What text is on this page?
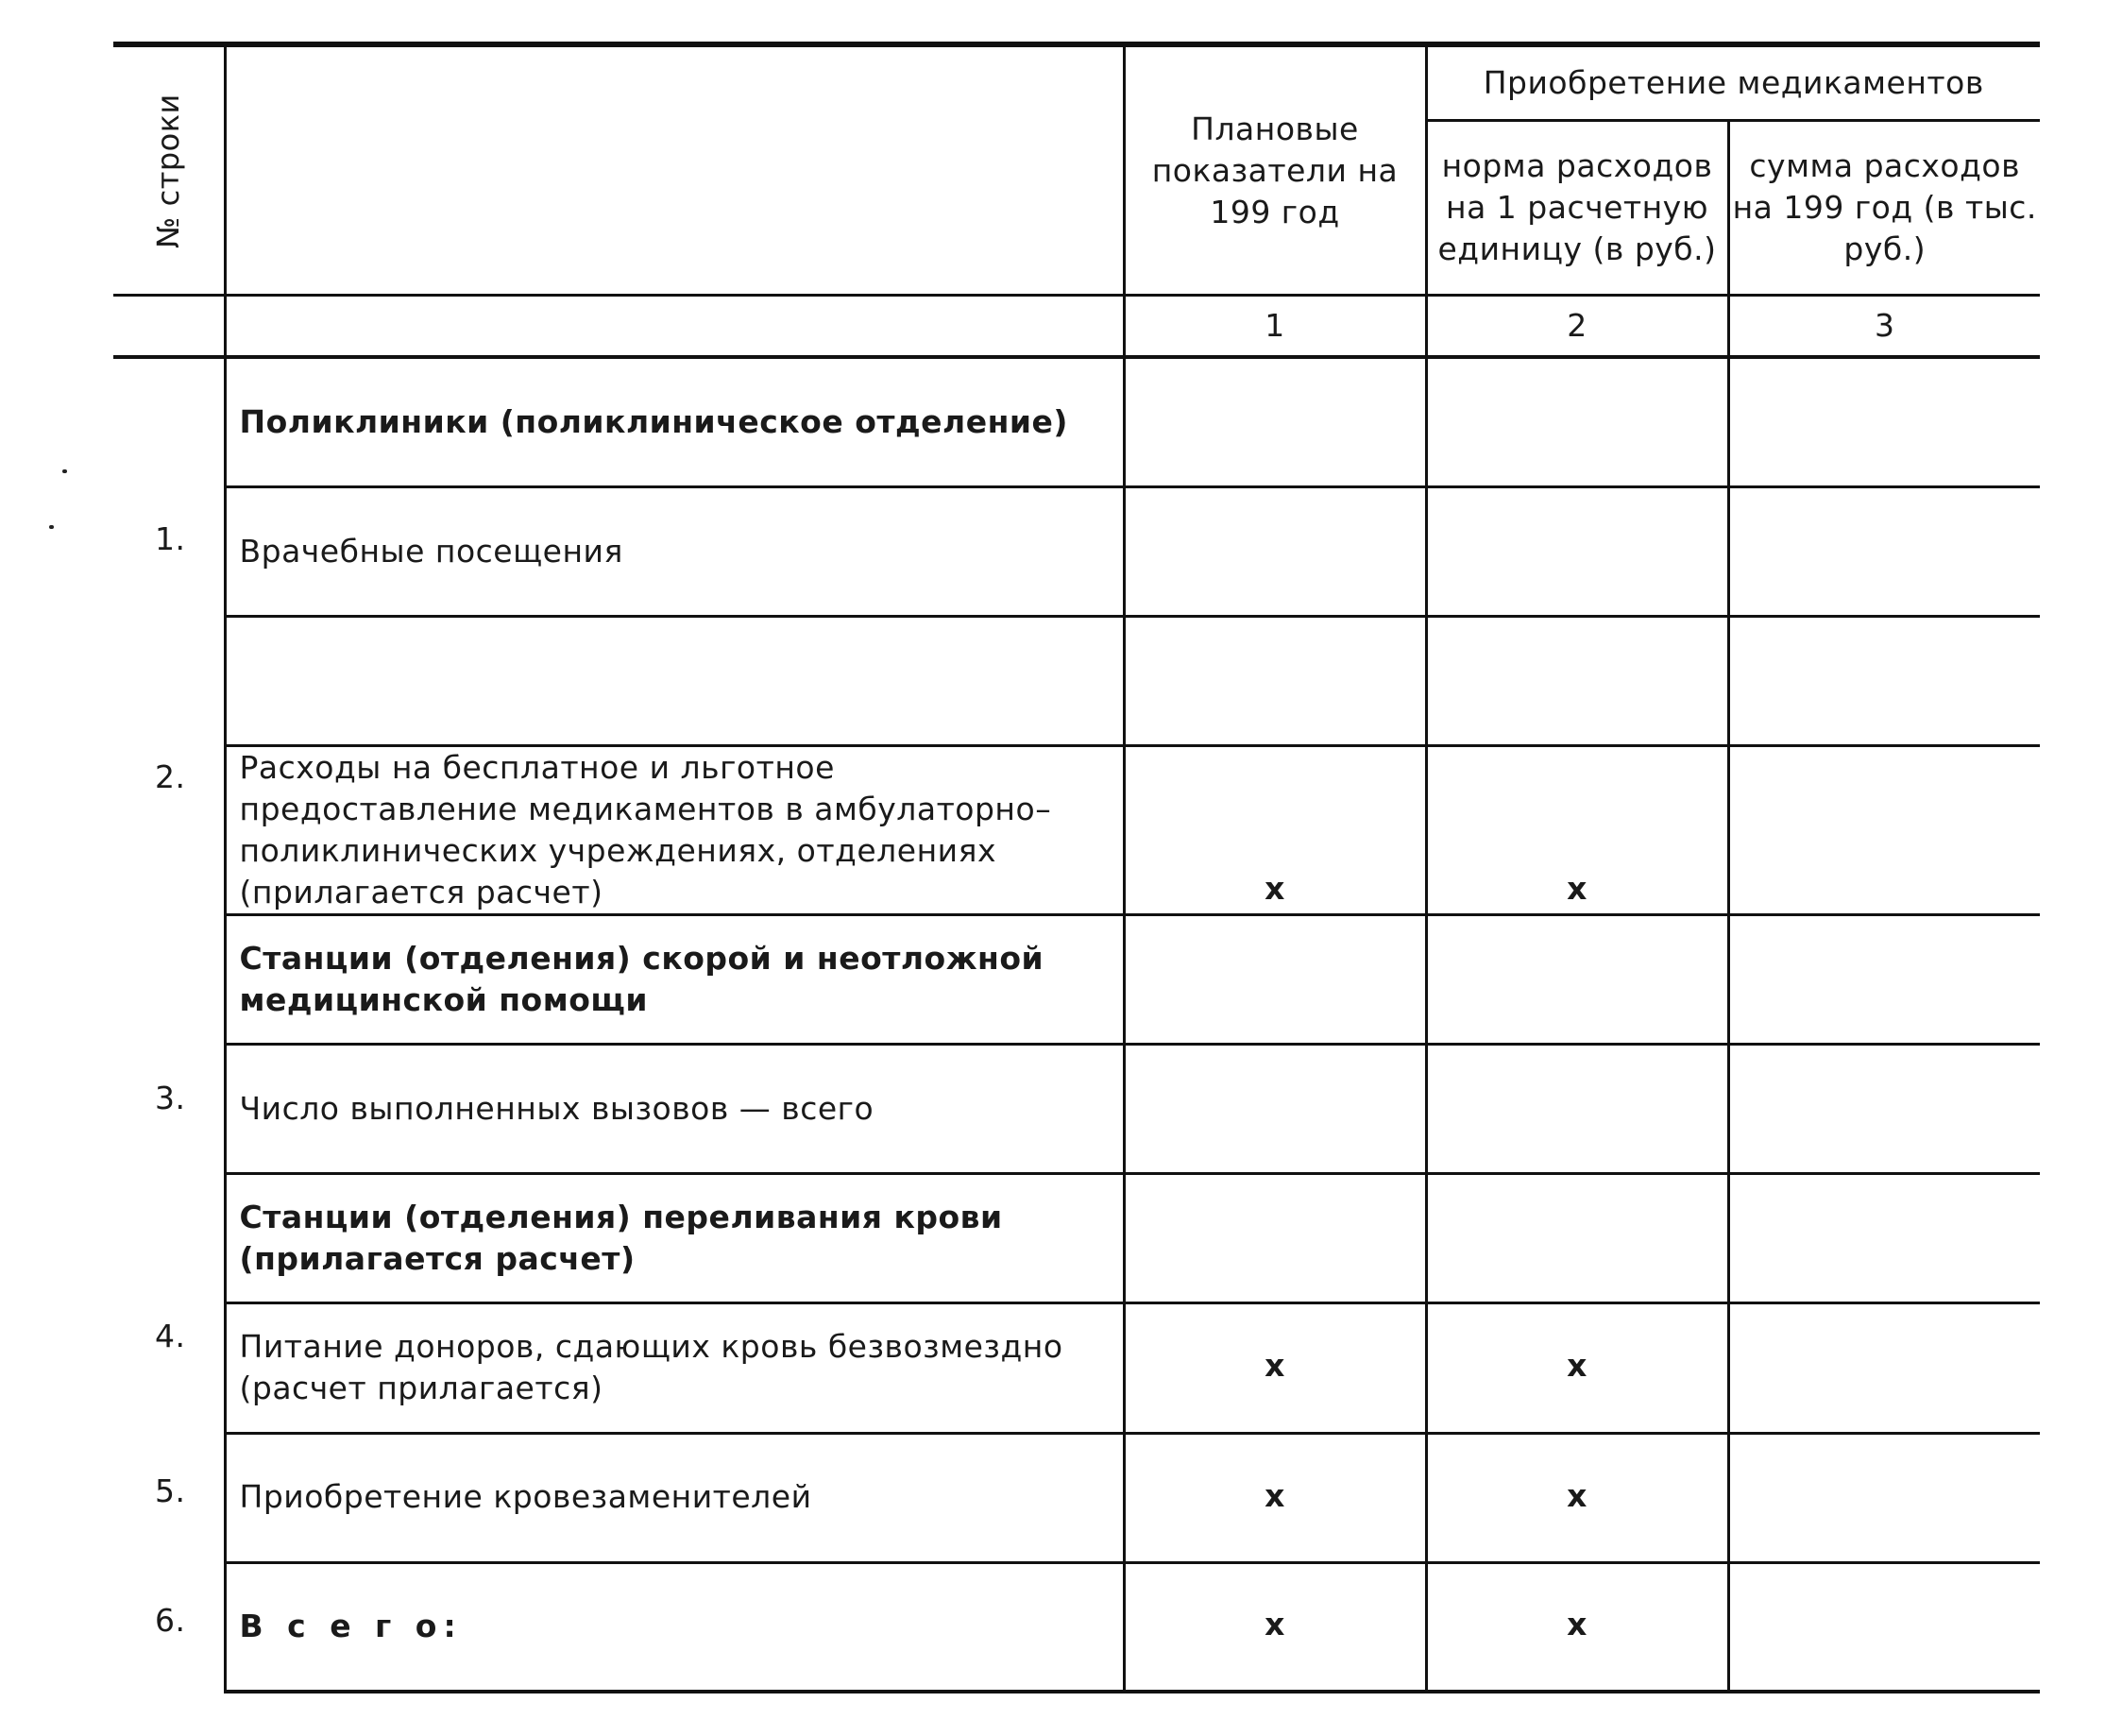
№ строки		Плановые показатели на 199 год	Приобретение медикаментов	
			норма расходов на 1 расчетную единицу (в руб.)	сумма расходов на 199 год (в тыс. руб.)
		1	2	3
	Поликлиники (поликлиническое отделение)			
1.	Врачебные посещения			

2.	Расходы на бесплатное и льготное предоставление медикаментов в амбулаторно–поликлинических учреждениях, отделениях (прилагается расчет)	x	x	
	Станции (отделения) скорой и неотложной медицинской помощи			
3.	Число выполненных вызовов — всего			
	Станции (отделения) переливания крови (прилагается расчет)			
4.	Питание доноров, сдающих кровь безвозмездно (расчет прилагается)	x	x	
5.	Приобретение кровезаменителей	x	x	
6.	В с е г о:	x	x	
